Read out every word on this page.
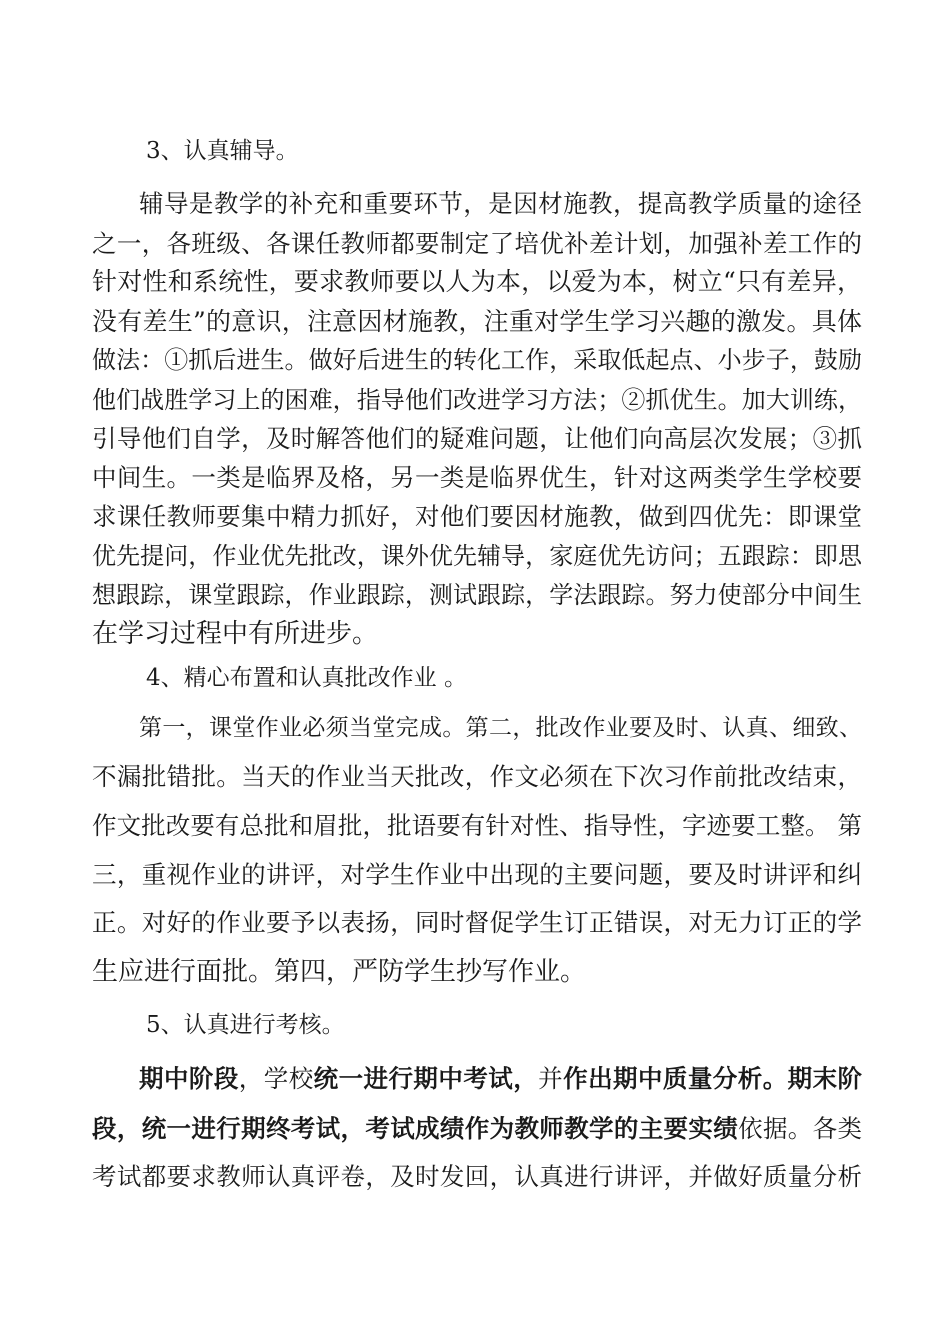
3、认真辅导。
辅导是教学的补充和重要环节，是因材施教，提高教学质量的途径
之一，各班级、各课任教师都要制定了培优补差计划，加强补差工作的
针对性和系统性，要求教师要以人为本，以爱为本，树立“只有差异，
没有差生”的意识，注意因材施教，注重对学生学习兴趣的激发。具体
做法：①抓后进生。做好后进生的转化工作，采取低起点、小步子，鼓励
他们战胜学习上的困难，指导他们改进学习方法；②抓优生。加大训练，
引导他们自学，及时解答他们的疑难问题，让他们向高层次发展；③抓
中间生。一类是临界及格，另一类是临界优生，针对这两类学生学校要
求课任教师要集中精力抓好，对他们要因材施教，做到四优先：即课堂
优先提问，作业优先批改，课外优先辅导，家庭优先访问；五跟踪：即思
想跟踪，课堂跟踪，作业跟踪，测试跟踪，学法跟踪。努力使部分中间生
在学习过程中有所进步。
4、精心布置和认真批改作业 。
第一，课堂作业必须当堂完成。第二，批改作业要及时、认真、细致、
不漏批错批。当天的作业当天批改，作文必须在下次习作前批改结束，
作文批改要有总批和眉批，批语要有针对性、指导性，字迹要工整。 第
三，重视作业的讲评，对学生作业中出现的主要问题，要及时讲评和纠
正。对好的作业要予以表扬，同时督促学生订正错误，对无力订正的学
生应进行面批。第四，严防学生抄写作业。
5、认真进行考核。
期中阶段，学校统一进行期中考试，并作出期中质量分析。期末阶
段，统一进行期终考试，考试成绩作为教师教学的主要实绩依据。各类
考试都要求教师认真评卷，及时发回，认真进行讲评，并做好质量分析
